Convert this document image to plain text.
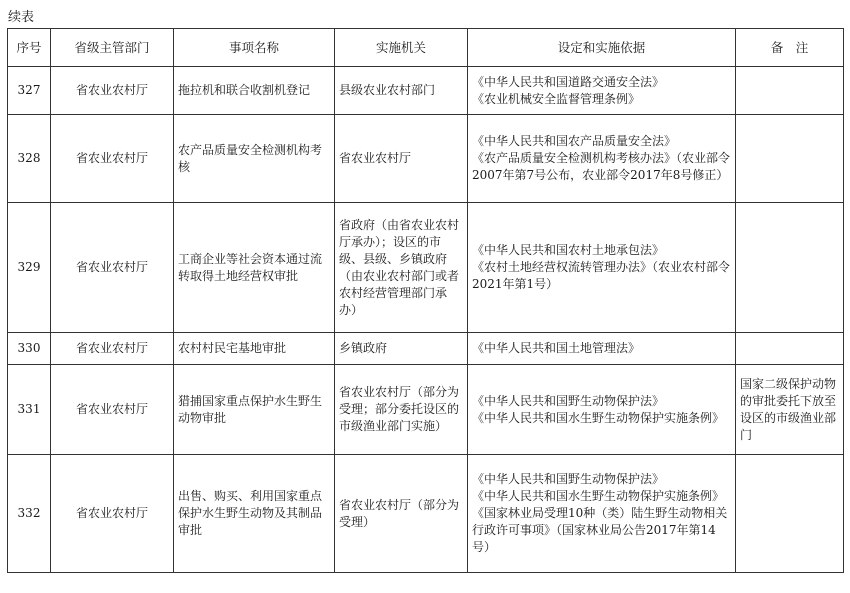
续表
序号	省级主管部门	事项名称	实施机关	设定和实施依据	备　注
327	省农业农村厅	拖拉机和联合收割机登记	县级农业农村部门	《中华人民共和国道路交通安全法》
《农业机械安全监督管理条例》	

328	省农业农村厅	农产品质量安全检测机构考核	省农业农村厅	《中华人民共和国农产品质量安全法》
《农产品质量安全检测机构考核办法》（农业部令2007年第7号公布，农业部令2017年8号修正）	

329	省农业农村厅	工商企业等社会资本通过流转取得土地经营权审批	省政府（由省农业农村厅承办）；设区的市级、县级、乡镇政府（由农业农村部门或者农村经营管理部门承办）	《中华人民共和国农村土地承包法》
《农村土地经营权流转管理办法》（农业农村部令2021年第1号）	

330	省农业农村厅	农村村民宅基地审批	乡镇政府	《中华人民共和国土地管理法》	

331	省农业农村厅	猎捕国家重点保护水生野生动物审批	省农业农村厅（部分为受理；部分委托设区的市级渔业部门实施）	《中华人民共和国野生动物保护法》
《中华人民共和国水生野生动物保护实施条例》	国家二级保护动物的审批委托下放至设区的市级渔业部门
332	省农业农村厅	出售、购买、利用国家重点保护水生野生动物及其制品审批	省农业农村厅（部分为受理）	《中华人民共和国野生动物保护法》
《中华人民共和国水生野生动物保护实施条例》
《国家林业局受理10种（类）陆生野生动物相关行政许可事项》（国家林业局公告2017年第14号）	
